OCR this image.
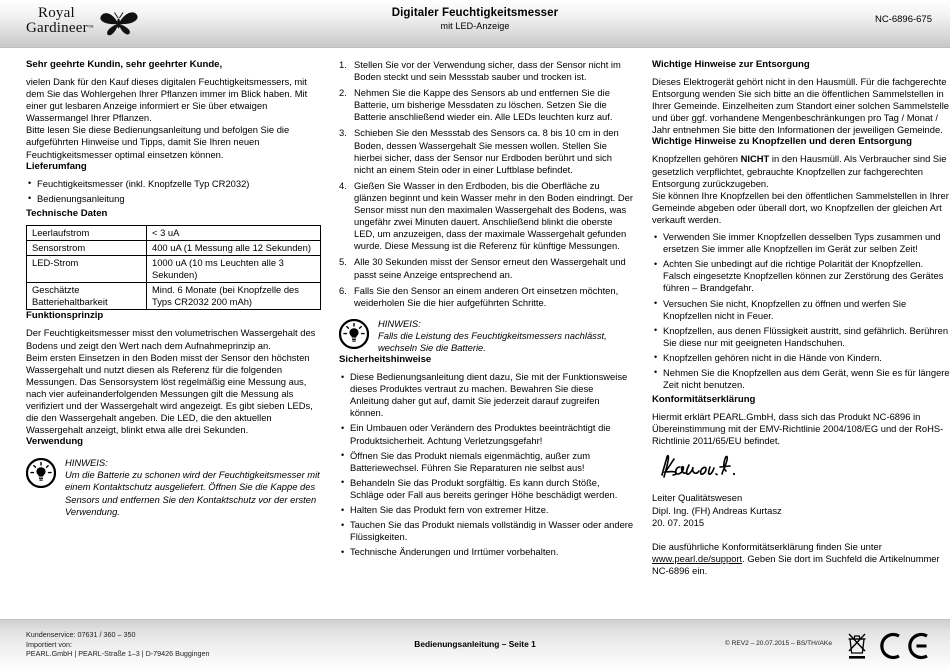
Royal
Gardineer™
Digitaler Feuchtigkeitsmesser
mit LED-Anzeige
NC-6896-675
Sehr geehrte Kundin, sehr geehrter Kunde,

vielen Dank für den Kauf dieses digitalen Feuchtigkeitsmessers, mit dem Sie das Wohlergehen Ihrer Pflanzen immer im Blick haben. Mit einer gut lesbaren Anzeige informiert er Sie über etwaigen Wassermangel Ihrer Pflanzen.

Bitte lesen Sie diese Bedienungsanleitung und befolgen Sie die aufgeführten Hinweise und Tipps, damit Sie Ihren neuen Feuchtigkeitsmesser optimal einsetzen können.

Lieferumfang
• Feuchtigkeitsmesser (inkl. Knopfzelle Typ CR2032)
• Bedienungsanleitung
Technische Daten
Leerlaufstrom	< 3 uA
Sensorstrom	400 uA (1 Messung alle 12 Sekunden)
LED-Strom	1000 uA (10 ms Leuchten alle 3 Sekunden)
Geschätzte Batteriehaltbarkeit	Mind. 6 Monate (bei Knopfzelle des Typs CR2032 200 mAh)
Funktionsprinzip

Der Feuchtigkeitsmesser misst den volumetrischen Wassergehalt des Bodens und zeigt den Wert nach dem Aufnahmeprinzip an.

Beim ersten Einsetzen in den Boden misst der Sensor den höchsten Wassergehalt und nutzt diesen als Referenz für die folgenden Messungen. Das Sensorsystem löst regelmäßig eine Messung aus, nach vier aufeinanderfolgenden Messungen gilt die Messung als verifiziert und der Wassergehalt wird angezeigt. Es gibt sieben LEDs, die den Wassergehalt angeben. Die LED, die den aktuellen Wassergehalt anzeigt, blinkt etwa alle drei Sekunden.

Verwendung
HINWEIS:
Um die Batterie zu schonen wird der Feuchtigkeitsmesser mit einem Kontaktschutz ausgeliefert. Öffnen Sie die Kappe des Sensors und entfernen Sie den Kontaktschutz vor der ersten Verwendung.
Stellen Sie vor der Verwendung sicher, dass der Sensor nicht im Boden steckt und sein Messstab sauber und trocken ist.
Nehmen Sie die Kappe des Sensors ab und entfernen Sie die Batterie, um bisherige Messdaten zu löschen. Setzen Sie die Batterie anschließend wieder ein. Alle LEDs leuchten kurz auf.
Schieben Sie den Messstab des Sensors ca. 8 bis 10 cm in den Boden, dessen Wassergehalt Sie messen wollen. Stellen Sie hierbei sicher, dass der Sensor nur Erdboden berührt und sich nicht an einem Stein oder in einer Luftblase befindet.
Gießen Sie Wasser in den Erdboden, bis die Oberfläche zu glänzen beginnt und kein Wasser mehr in den Boden eindringt. Der Sensor misst nun den maximalen Wassergehalt des Bodens, was ungefähr zwei Minuten dauert. Anschließend blinkt die oberste LED, um anzuzeigen, dass der maximale Wassergehalt gefunden wurde. Diese Messung ist die Referenz für künftige Messungen.
Alle 30 Sekunden misst der Sensor erneut den Wassergehalt und passt seine Anzeige entsprechend an.
Falls Sie den Sensor an einem anderen Ort einsetzen möchten, weiderholen Sie die hier aufgeführten Schritte.
HINWEIS:
Falls die Leistung des Feuchtigkeitsmessers nachlässt, wechseln Sie die Batterie.
Sicherheitshinweise
• Diese Bedienungsanleitung dient dazu, Sie mit der Funktionsweise dieses Produktes vertraut zu machen. Bewahren Sie diese Anleitung daher gut auf, damit Sie jederzeit darauf zugreifen können.
• Ein Umbauen oder Verändern des Produktes beeinträchtigt die Produktsicherheit. Achtung Verletzungsgefahr!
• Öffnen Sie das Produkt niemals eigenmächtig, außer zum Batteriewechsel. Führen Sie Reparaturen nie selbst aus!
• Behandeln Sie das Produkt sorgfältig. Es kann durch Stöße, Schläge oder Fall aus bereits geringer Höhe beschädigt werden.
• Halten Sie das Produkt fern von extremer Hitze.
• Tauchen Sie das Produkt niemals vollständig in Wasser oder andere Flüssigkeiten.
• Technische Änderungen und Irrtümer vorbehalten.
Wichtige Hinweise zur Entsorgung

Dieses Elektrogerät gehört nicht in den Hausmüll. Für die fachgerechte Entsorgung wenden Sie sich bitte an die öffentlichen Sammelstellen in Ihrer Gemeinde. Einzelheiten zum Standort einer solchen Sammelstelle und über ggf. vorhandene Mengenbeschränkungen pro Tag / Monat / Jahr entnehmen Sie bitte den Informationen der jeweiligen Gemeinde.

Wichtige Hinweise zu Knopfzellen und deren Entsorgung

Knopfzellen gehören NICHT in den Hausmüll. Als Verbraucher sind Sie gesetzlich verpflichtet, gebrauchte Knopfzellen zur fachgerechten Entsorgung zurückzugeben.

Sie können Ihre Knopfzellen bei den öffentlichen Sammelstellen in Ihrer Gemeinde abgeben oder überall dort, wo Knopfzellen der gleichen Art verkauft werden.

• Verwenden Sie immer Knopfzellen desselben Typs zusammen und ersetzen Sie immer alle Knopfzellen im Gerät zur selben Zeit!
• Achten Sie unbedingt auf die richtige Polarität der Knopfzellen. Falsch eingesetzte Knopfzellen können zur Zerstörung des Gerätes führen – Brandgefahr.
• Versuchen Sie nicht, Knopfzellen zu öffnen und werfen Sie Knopfzellen nicht in Feuer.
• Knopfzellen, aus denen Flüssigkeit austritt, sind gefährlich. Berühren Sie diese nur mit geeigneten Handschuhen.
• Knopfzellen gehören nicht in die Hände von Kindern.
• Nehmen Sie die Knopfzellen aus dem Gerät, wenn Sie es für längere Zeit nicht benutzen.
Konformitätserklärung

Hiermit erklärt PEARL.GmbH, dass sich das Produkt NC-6896 in Übereinstimmung mit der EMV-Richtlinie 2004/108/EG und der RoHS-Richtlinie 2011/65/EU befindet.

Leiter Qualitätswesen

Dipl. Ing. (FH) Andreas Kurtasz

20. 07. 2015

Die ausführliche Konformitätserklärung finden Sie unter www.pearl.de/support. Geben Sie dort im Suchfeld die Artikelnummer NC-6896 ein.

Kundenservice: 07631 / 360 – 350
Importiert von:
PEARL.GmbH | PEARL-Straße 1–3 | D-79426 Buggingen
Bedienungsanleitung – Seite 1	© REV2 – 20.07.2015 – BS/TH//AKe
